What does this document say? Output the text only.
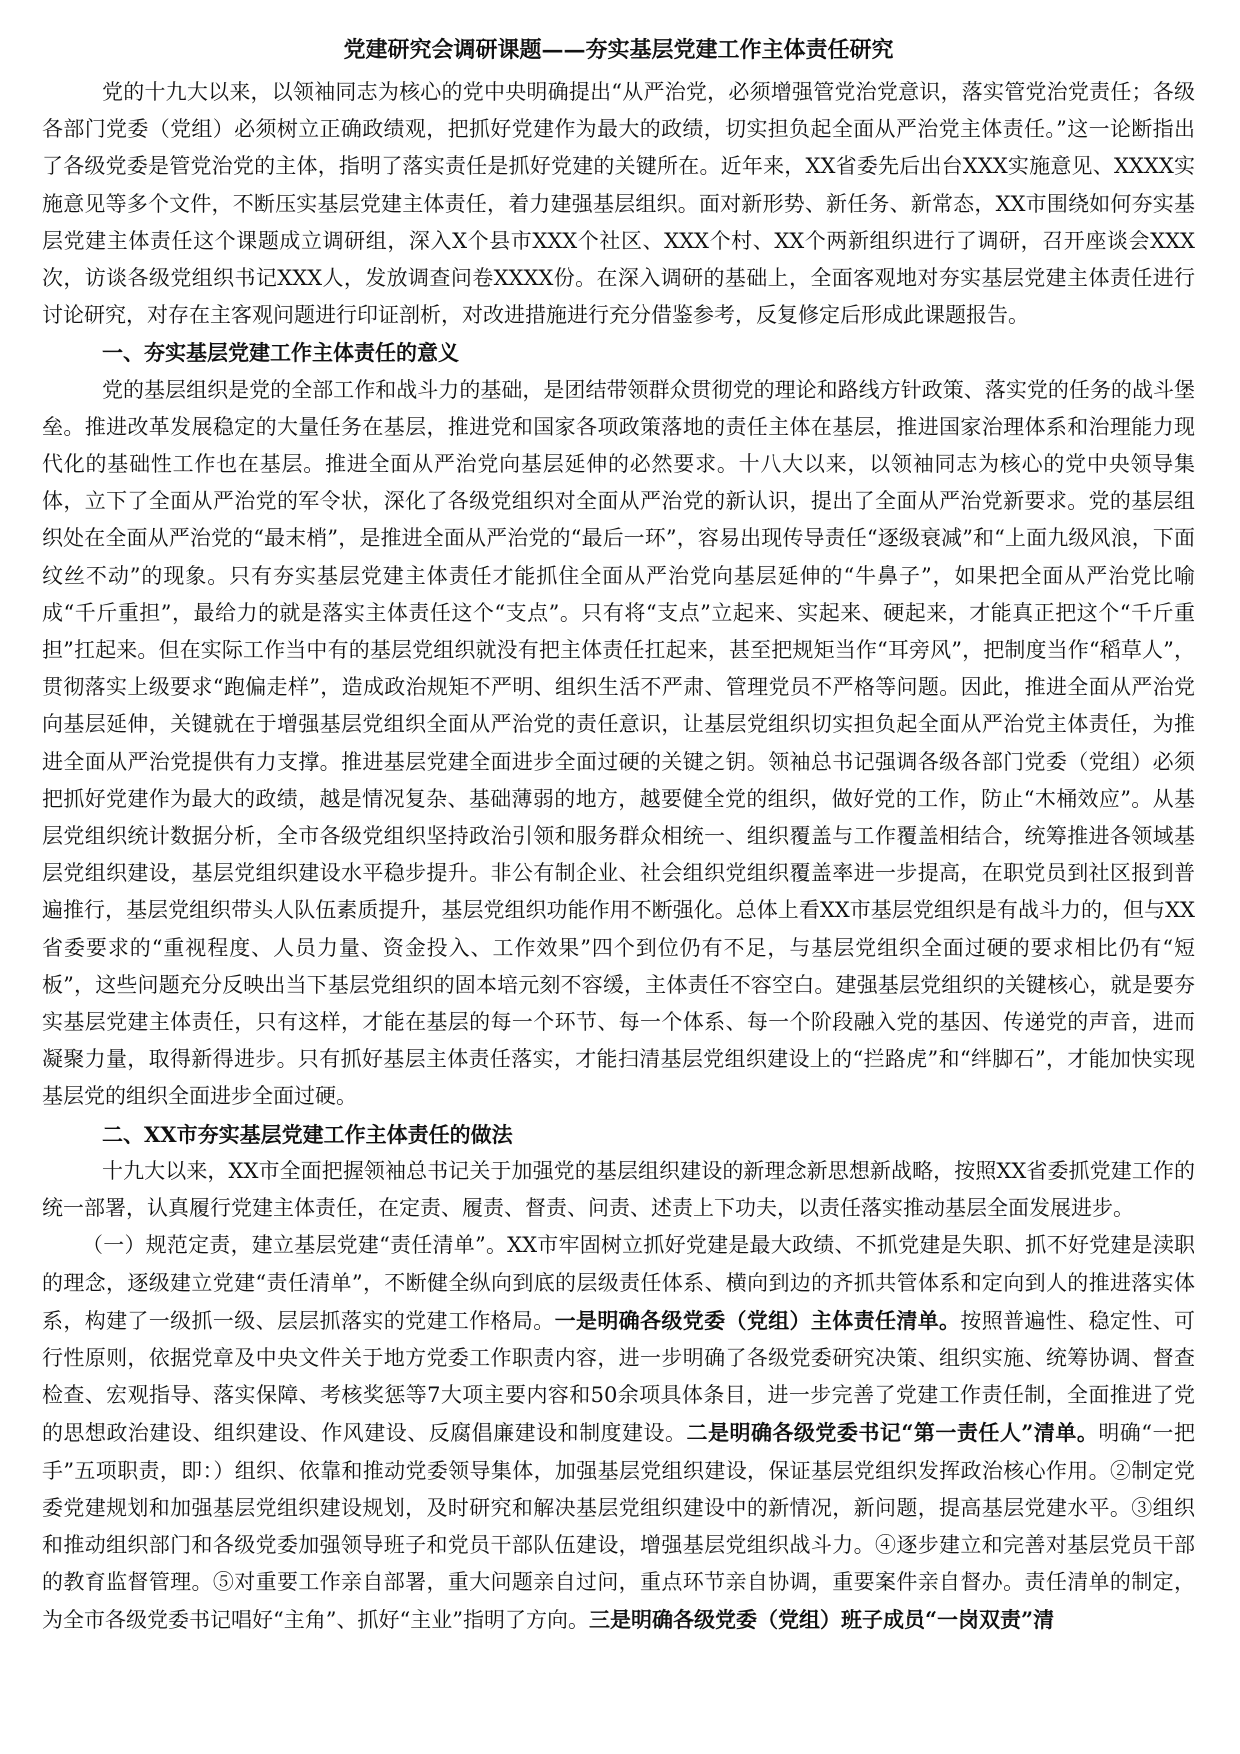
党建研究会调研课题——夯实基层党建工作主体责任研究

党的十九大以来，以领袖同志为核心的党中央明确提出“从严治党，必须增强管党治党意识，落实管党治党责任；各级各部门党委（党组）必须树立正确政绩观，把抓好党建作为最大的政绩，切实担负起全面从严治党主体责任。”这一论断指出了各级党委是管党治党的主体，指明了落实责任是抓好党建的关键所在。近年来，XX省委先后出台XXX实施意见、XXXX实施意见等多个文件，不断压实基层党建主体责任，着力建强基层组织。面对新形势、新任务、新常态，XX市围绕如何夯实基层党建主体责任这个课题成立调研组，深入X个县市XXX个社区、XXX个村、XX个两新组织进行了调研，召开座谈会XXX次，访谈各级党组织书记XXX人，发放调查问卷XXXX份。在深入调研的基础上，全面客观地对夯实基层党建主体责任进行讨论研究，对存在主客观问题进行印证剖析，对改进措施进行充分借鉴参考，反复修定后形成此课题报告。

一、夯实基层党建工作主体责任的意义

党的基层组织是党的全部工作和战斗力的基础，是团结带领群众贯彻党的理论和路线方针政策、落实党的任务的战斗堡垒。推进改革发展稳定的大量任务在基层，推进党和国家各项政策落地的责任主体在基层，推进国家治理体系和治理能力现代化的基础性工作也在基层。推进全面从严治党向基层延伸的必然要求。十八大以来，以领袖同志为核心的党中央领导集体，立下了全面从严治党的军令状，深化了各级党组织对全面从严治党的新认识，提出了全面从严治党新要求。党的基层组织处在全面从严治党的“最末梢”，是推进全面从严治党的“最后一环”，容易出现传导责任“逐级衰减”和“上面九级风浪，下面纹丝不动”的现象。只有夯实基层党建主体责任才能抓住全面从严治党向基层延伸的“牛鼻子”，如果把全面从严治党比喻成“千斤重担”，最给力的就是落实主体责任这个“支点”。只有将“支点”立起来、实起来、硬起来，才能真正把这个“千斤重担”扛起来。但在实际工作当中有的基层党组织就没有把主体责任扛起来，甚至把规矩当作“耳旁风”，把制度当作“稻草人”，贯彻落实上级要求“跑偏走样”，造成政治规矩不严明、组织生活不严肃、管理党员不严格等问题。因此，推进全面从严治党向基层延伸，关键就在于增强基层党组织全面从严治党的责任意识，让基层党组织切实担负起全面从严治党主体责任，为推进全面从严治党提供有力支撑。推进基层党建全面进步全面过硬的关键之钥。领袖总书记强调各级各部门党委（党组）必须把抓好党建作为最大的政绩，越是情况复杂、基础薄弱的地方，越要健全党的组织，做好党的工作，防止“木桶效应”。从基层党组织统计数据分析，全市各级党组织坚持政治引领和服务群众相统一、组织覆盖与工作覆盖相结合，统筹推进各领域基层党组织建设，基层党组织建设水平稳步提升。非公有制企业、社会组织党组织覆盖率进一步提高，在职党员到社区报到普遍推行，基层党组织带头人队伍素质提升，基层党组织功能作用不断强化。总体上看XX市基层党组织是有战斗力的，但与XX省委要求的“重视程度、人员力量、资金投入、工作效果”四个到位仍有不足，与基层党组织全面过硬的要求相比仍有“短板”，这些问题充分反映出当下基层党组织的固本培元刻不容缓，主体责任不容空白。建强基层党组织的关键核心，就是要夯实基层党建主体责任，只有这样，才能在基层的每一个环节、每一个体系、每一个阶段融入党的基因、传递党的声音，进而凝聚力量，取得新得进步。只有抓好基层主体责任落实，才能扫清基层党组织建设上的“拦路虎”和“绊脚石”，才能加快实现基层党的组织全面进步全面过硬。

二、XX市夯实基层党建工作主体责任的做法

十九大以来，XX市全面把握领袖总书记关于加强党的基层组织建设的新理念新思想新战略，按照XX省委抓党建工作的统一部署，认真履行党建主体责任，在定责、履责、督责、问责、述责上下功夫，以责任落实推动基层全面发展进步。

（一）规范定责，建立基层党建“责任清单”。XX市牢固树立抓好党建是最大政绩、不抓党建是失职、抓不好党建是渎职的理念，逐级建立党建“责任清单”，不断健全纵向到底的层级责任体系、横向到边的齐抓共管体系和定向到人的推进落实体系，构建了一级抓一级、层层抓落实的党建工作格局。一是明确各级党委（党组）主体责任清单。按照普遍性、稳定性、可行性原则，依据党章及中央文件关于地方党委工作职责内容，进一步明确了各级党委研究决策、组织实施、统筹协调、督查检查、宏观指导、落实保障、考核奖惩等7大项主要内容和50余项具体条目，进一步完善了党建工作责任制，全面推进了党的思想政治建设、组织建设、作风建设、反腐倡廉建设和制度建设。二是明确各级党委书记“第一责任人”清单。明确“一把手”五项职责，即：）组织、依靠和推动党委领导集体，加强基层党组织建设，保证基层党组织发挥政治核心作用。②制定党委党建规划和加强基层党组织建设规划，及时研究和解决基层党组织建设中的新情况，新问题，提高基层党建水平。③组织和推动组织部门和各级党委加强领导班子和党员干部队伍建设，增强基层党组织战斗力。④逐步建立和完善对基层党员干部的教育监督管理。⑤对重要工作亲自部署，重大问题亲自过问，重点环节亲自协调，重要案件亲自督办。责任清单的制定，为全市各级党委书记唱好“主角”、抓好“主业”指明了方向。三是明确各级党委（党组）班子成员“一岗双责”清
